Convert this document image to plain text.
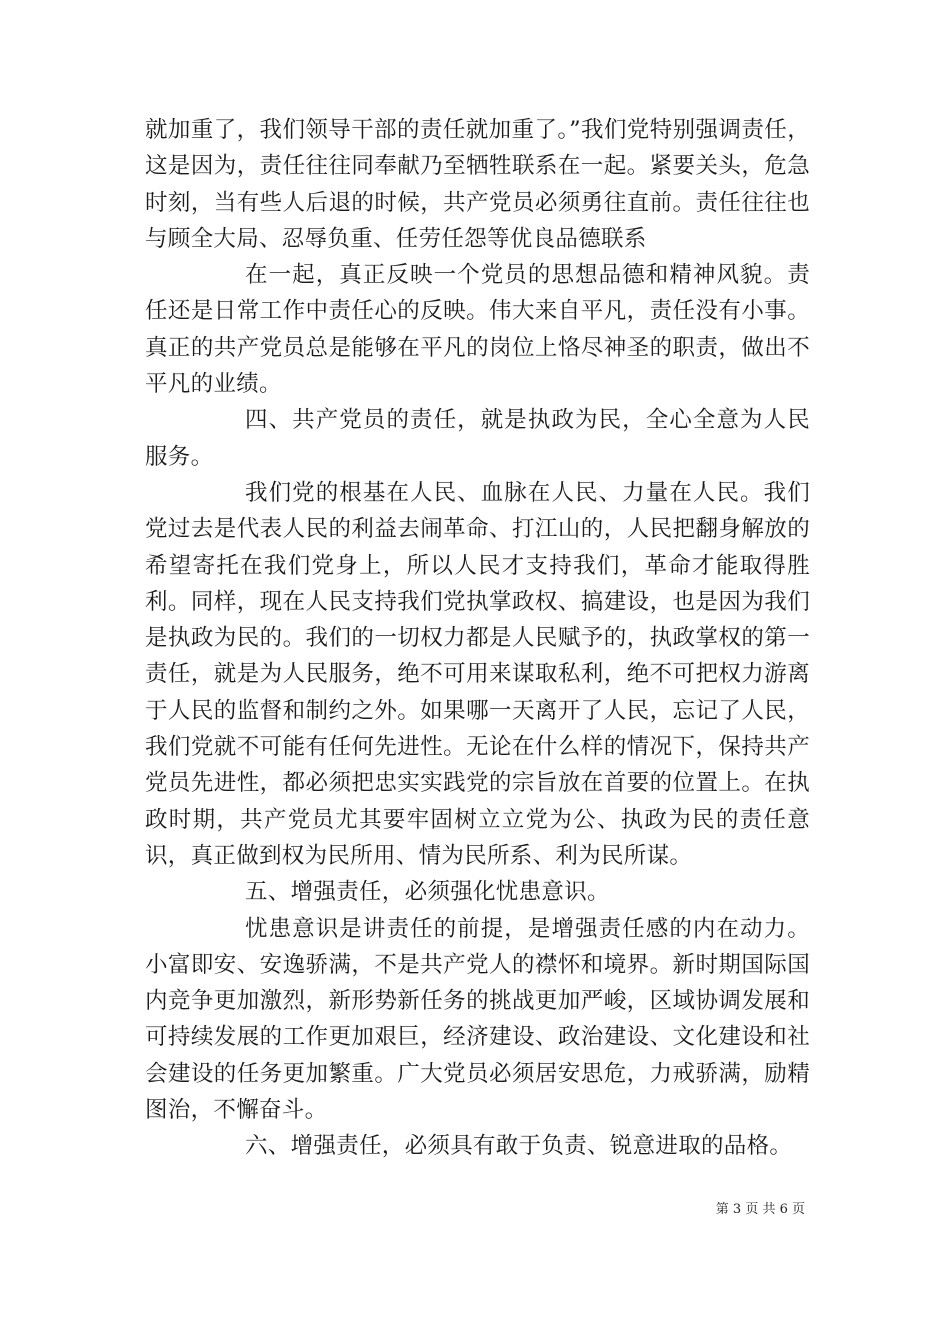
就加重了，我们领导干部的责任就加重了。”我们党特别强调责任，这是因为，责任往往同奉献乃至牺牲联系在一起。紧要关头，危急时刻，当有些人后退的时候，共产党员必须勇往直前。责任往往也与顾全大局、忍辱负重、任劳任怨等优良品德联系

在一起，真正反映一个党员的思想品德和精神风貌。责任还是日常工作中责任心的反映。伟大来自平凡，责任没有小事。真正的共产党员总是能够在平凡的岗位上恪尽神圣的职责，做出不平凡的业绩。

四、共产党员的责任，就是执政为民，全心全意为人民服务。

我们党的根基在人民、血脉在人民、力量在人民。我们党过去是代表人民的利益去闹革命、打江山的，人民把翻身解放的希望寄托在我们党身上，所以人民才支持我们，革命才能取得胜利。同样，现在人民支持我们党执掌政权、搞建设，也是因为我们是执政为民的。我们的一切权力都是人民赋予的，执政掌权的第一责任，就是为人民服务，绝不可用来谋取私利，绝不可把权力游离于人民的监督和制约之外。如果哪一天离开了人民，忘记了人民，我们党就不可能有任何先进性。无论在什么样的情况下，保持共产党员先进性，都必须把忠实实践党的宗旨放在首要的位置上。在执政时期，共产党员尤其要牢固树立立党为公、执政为民的责任意识，真正做到权为民所用、情为民所系、利为民所谋。

五、增强责任，必须强化忧患意识。

忧患意识是讲责任的前提，是增强责任感的内在动力。小富即安、安逸骄满，不是共产党人的襟怀和境界。新时期国际国内竞争更加激烈，新形势新任务的挑战更加严峻，区域协调发展和可持续发展的工作更加艰巨，经济建设、政治建设、文化建设和社会建设的任务更加繁重。广大党员必须居安思危，力戒骄满，励精图治，不懈奋斗。

六、增强责任，必须具有敢于负责、锐意进取的品格。

第 3 页 共 6 页
